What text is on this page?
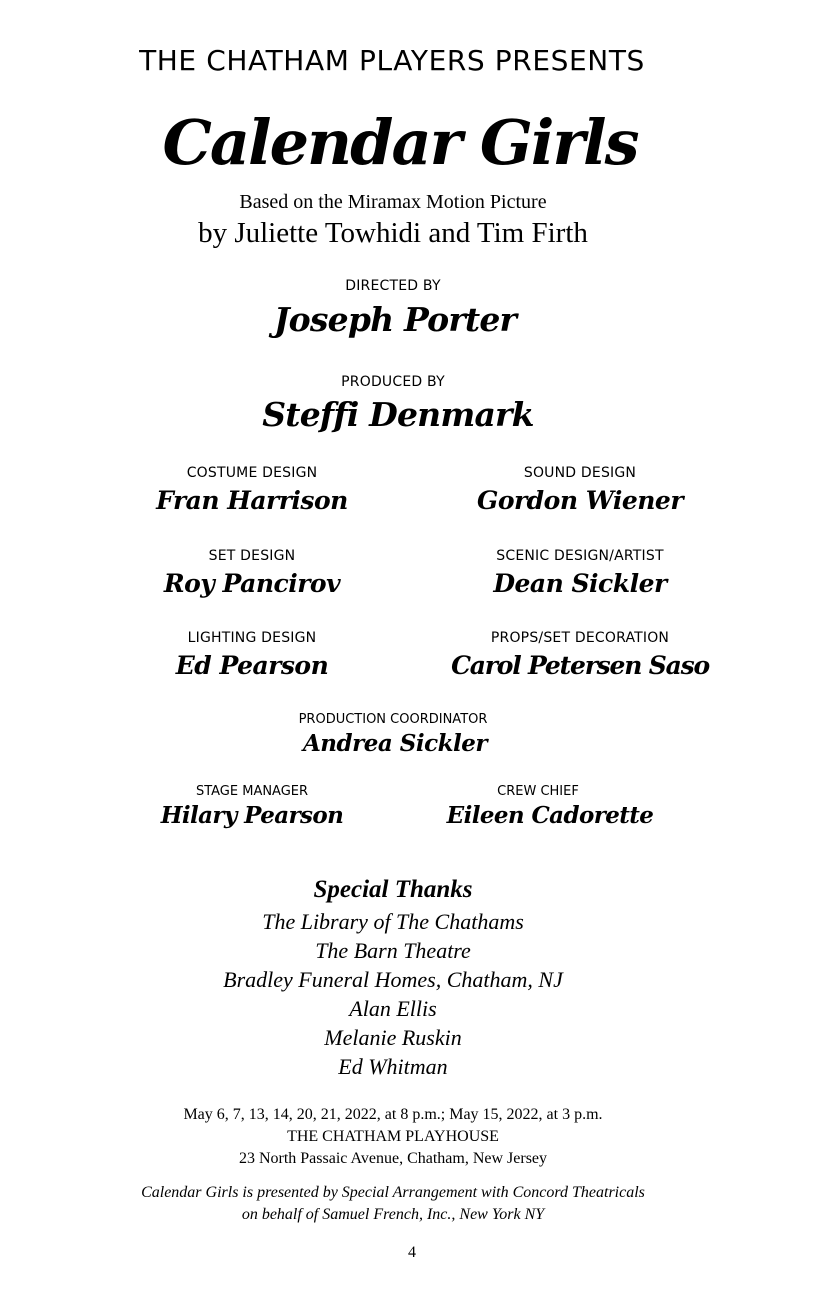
THE CHATHAM PLAYERS PRESENTS
Calendar Girls
Based on the Miramax Motion Picture
by Juliette Towhidi and Tim Firth
DIRECTED BY
Joseph Porter
PRODUCED BY
Steffi Denmark
COSTUME DESIGN
Fran Harrison
SOUND DESIGN
Gordon Wiener
SET DESIGN
Roy Pancirov
SCENIC DESIGN/ARTIST
Dean Sickler
LIGHTING DESIGN
Ed Pearson
PROPS/SET DECORATION
Carol Petersen Saso
PRODUCTION COORDINATOR
Andrea Sickler
STAGE MANAGER
Hilary Pearson
CREW CHIEF
Eileen Cadorette
Special Thanks
The Library of The Chathams
The Barn Theatre
Bradley Funeral Homes, Chatham, NJ
Alan Ellis
Melanie Ruskin
Ed Whitman
May 6, 7, 13, 14, 20, 21, 2022, at 8 p.m.; May 15, 2022, at 3 p.m.
THE CHATHAM PLAYHOUSE
23 North Passaic Avenue, Chatham, New Jersey
Calendar Girls is presented by Special Arrangement with Concord Theatricals
on behalf of Samuel French, Inc., New York NY
4
